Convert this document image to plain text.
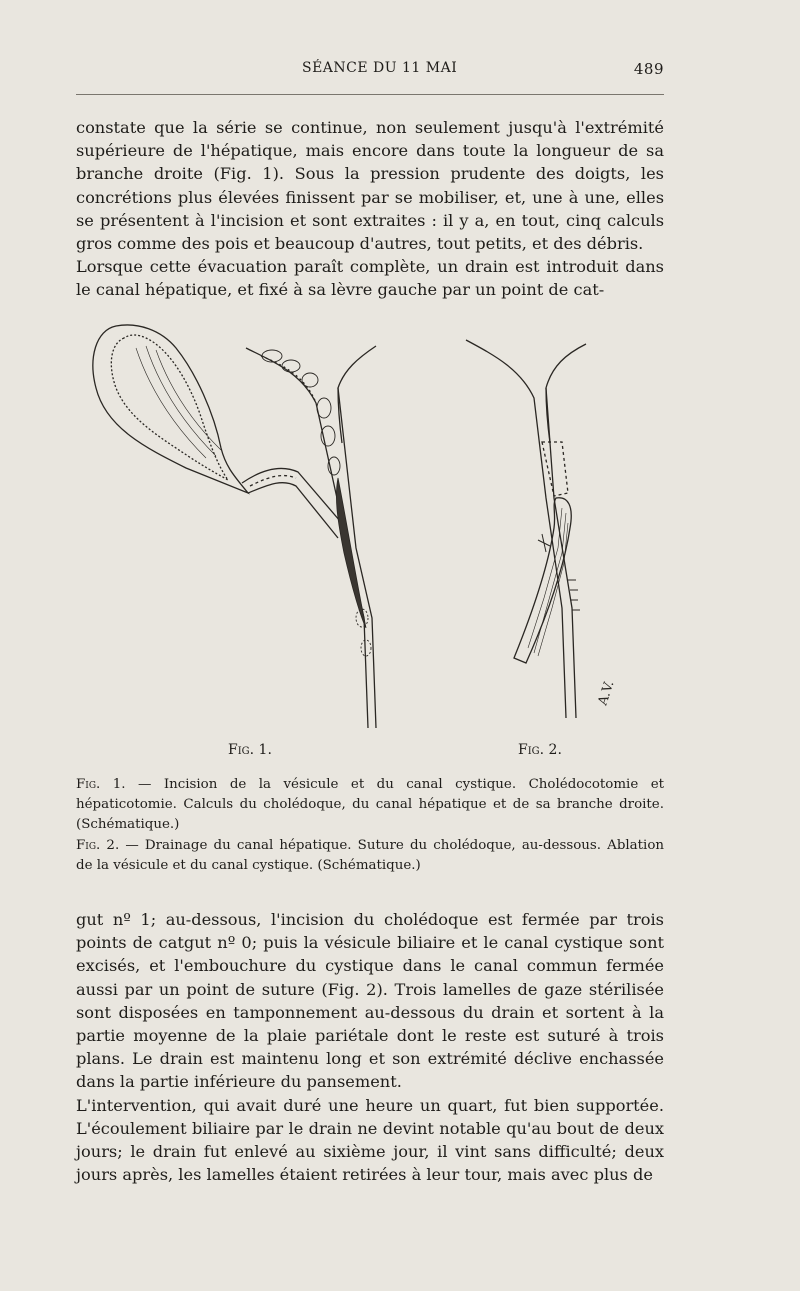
SÉANCE DU 11 MAI	489

constate que la série se continue, non seulement jusqu'à l'extrémité supérieure de l'hépatique, mais encore dans toute la longueur de sa branche droite (Fig. 1). Sous la pression prudente des doigts, les concrétions plus élevées finissent par se mobiliser, et, une à une, elles se présentent à l'incision et sont extraites : il y a, en tout, cinq calculs gros comme des pois et beaucoup d'autres, tout petits, et des débris.

Lorsque cette évacuation paraît complète, un drain est introduit dans le canal hépatique, et fixé à sa lèvre gauche par un point de cat-

A.V.
Fig. 1.	Fig. 2.

Fig. 1. — Incision de la vésicule et du canal cystique. Cholédocotomie et hépaticotomie. Calculs du cholédoque, du canal hépatique et de sa branche droite. (Schématique.)

Fig. 2. — Drainage du canal hépatique. Suture du cholédoque, au-dessous. Ablation de la vésicule et du canal cystique. (Schématique.)

gut nº 1; au-dessous, l'incision du cholédoque est fermée par trois points de catgut nº 0; puis la vésicule biliaire et le canal cystique sont excisés, et l'embouchure du cystique dans le canal commun fermée aussi par un point de suture (Fig. 2). Trois lamelles de gaze stérilisée sont disposées en tamponnement au-dessous du drain et sortent à la partie moyenne de la plaie pariétale dont le reste est suturé à trois plans. Le drain est maintenu long et son extrémité déclive enchassée dans la partie inférieure du pansement.

L'intervention, qui avait duré une heure un quart, fut bien supportée. L'écoulement biliaire par le drain ne devint notable qu'au bout de deux jours; le drain fut enlevé au sixième jour, il vint sans difficulté; deux jours après, les lamelles étaient retirées à leur tour, mais avec plus de
